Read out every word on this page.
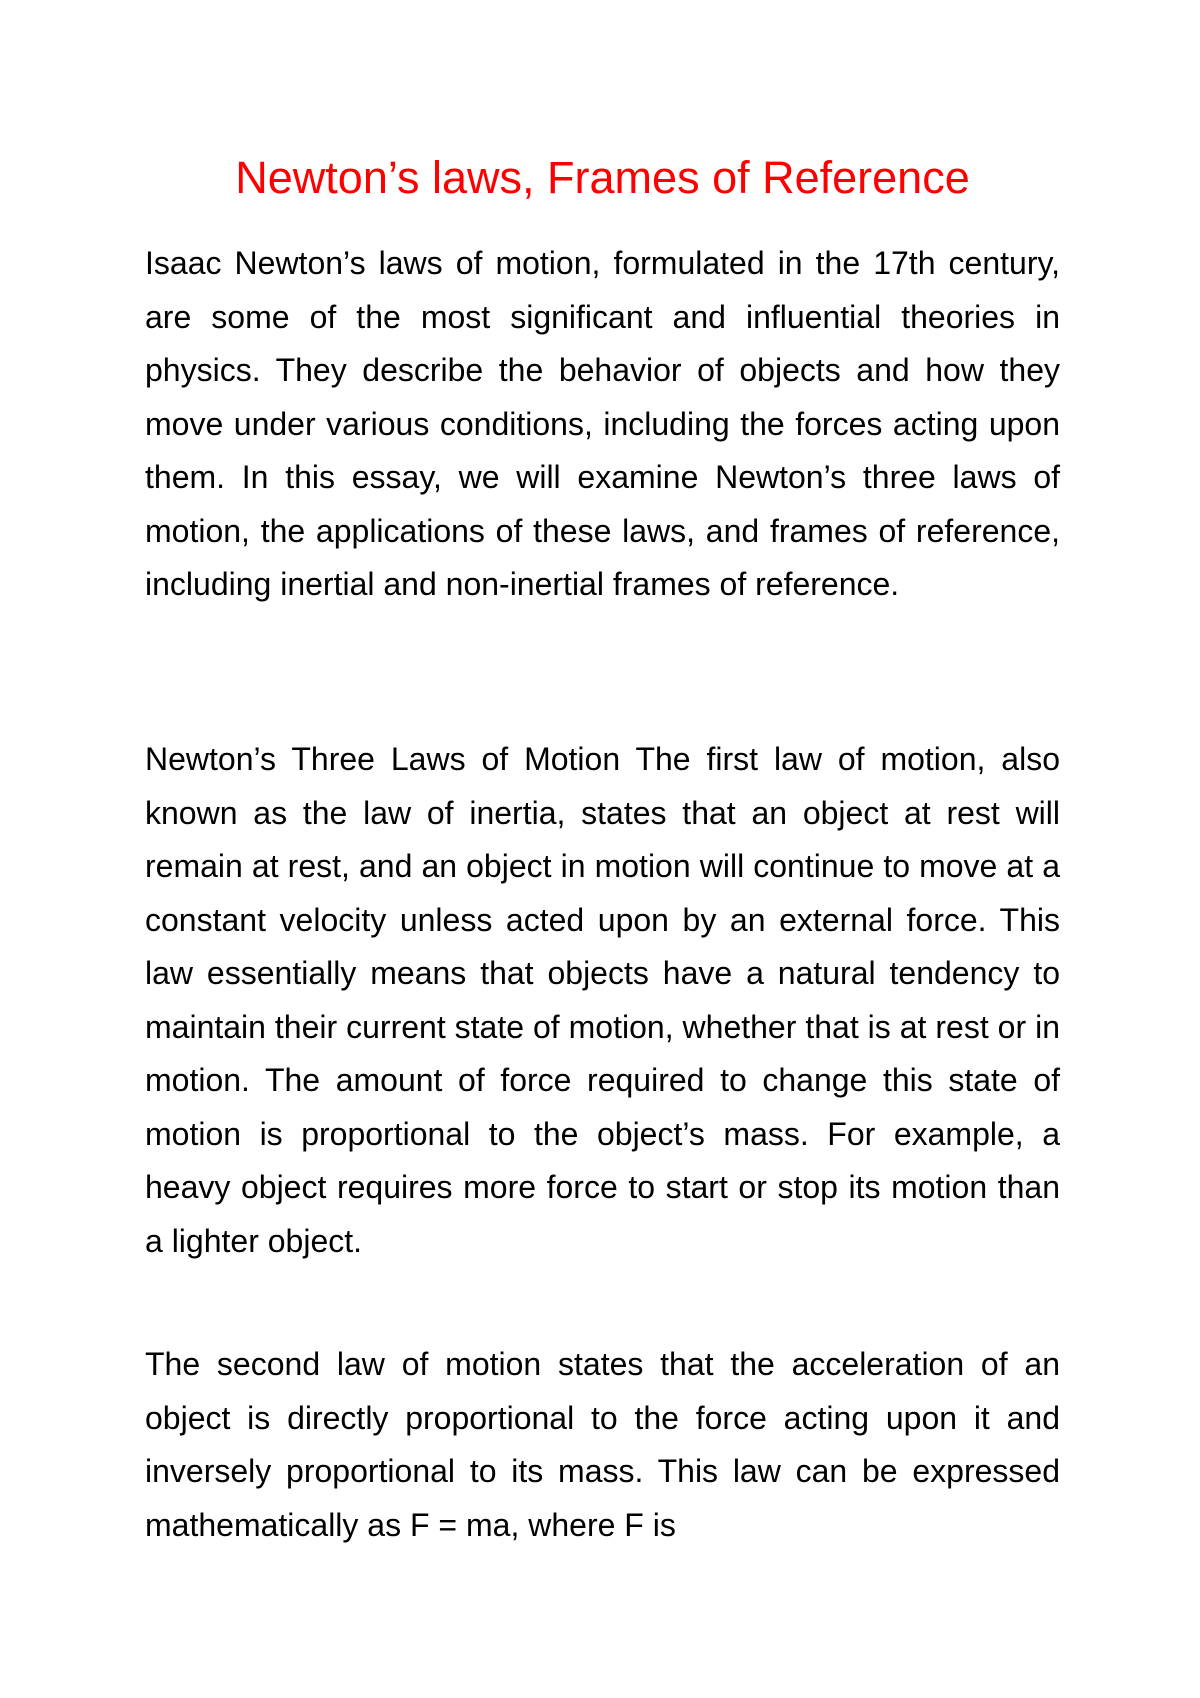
Newton’s laws, Frames of Reference

Isaac Newton’s laws of motion, formulated in the 17th century, are some of the most significant and influential theories in physics. They describe the behavior of objects and how they move under various conditions, including the forces acting upon them. In this essay, we will examine Newton’s three laws of motion, the applications of these laws, and frames of reference, including inertial and non-inertial frames of reference.

Newton’s Three Laws of Motion The first law of motion, also known as the law of inertia, states that an object at rest will remain at rest, and an object in motion will continue to move at a constant velocity unless acted upon by an external force. This law essentially means that objects have a natural tendency to maintain their current state of motion, whether that is at rest or in motion. The amount of force required to change this state of motion is proportional to the object’s mass. For example, a heavy object requires more force to start or stop its motion than a lighter object.

The second law of motion states that the acceleration of an object is directly proportional to the force acting upon it and inversely proportional to its mass. This law can be expressed mathematically as F = ma, where F is
